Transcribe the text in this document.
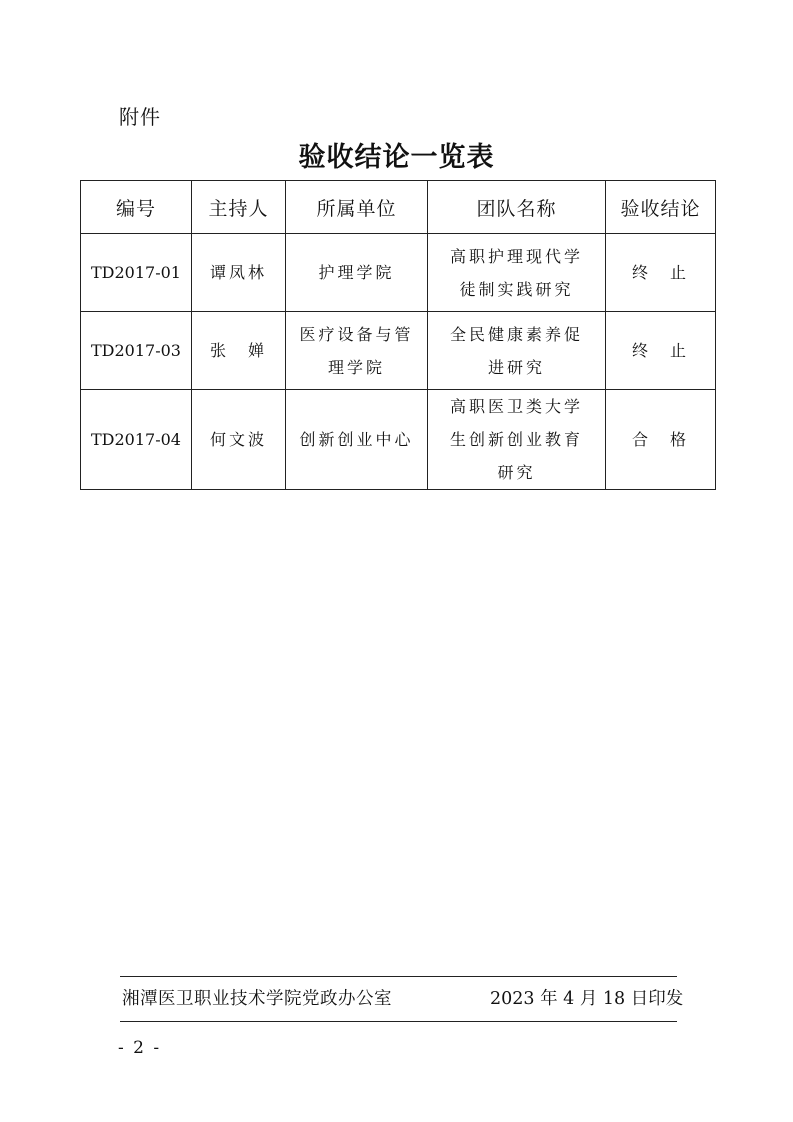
附件
验收结论一览表
编号	主持人	所属单位	团队名称	验收结论
TD2017-01	谭凤林	护理学院	高职护理现代学徒制实践研究	终　止
TD2017-03	张　婵	医疗设备与管理学院	全民健康素养促进研究	终　止
TD2017-04	何文波	创新创业中心	高职医卫类大学生创新创业教育研究	合　格
湘潭医卫职业技术学院党政办公室	2023 年 4 月 18 日印发
- 2 -
